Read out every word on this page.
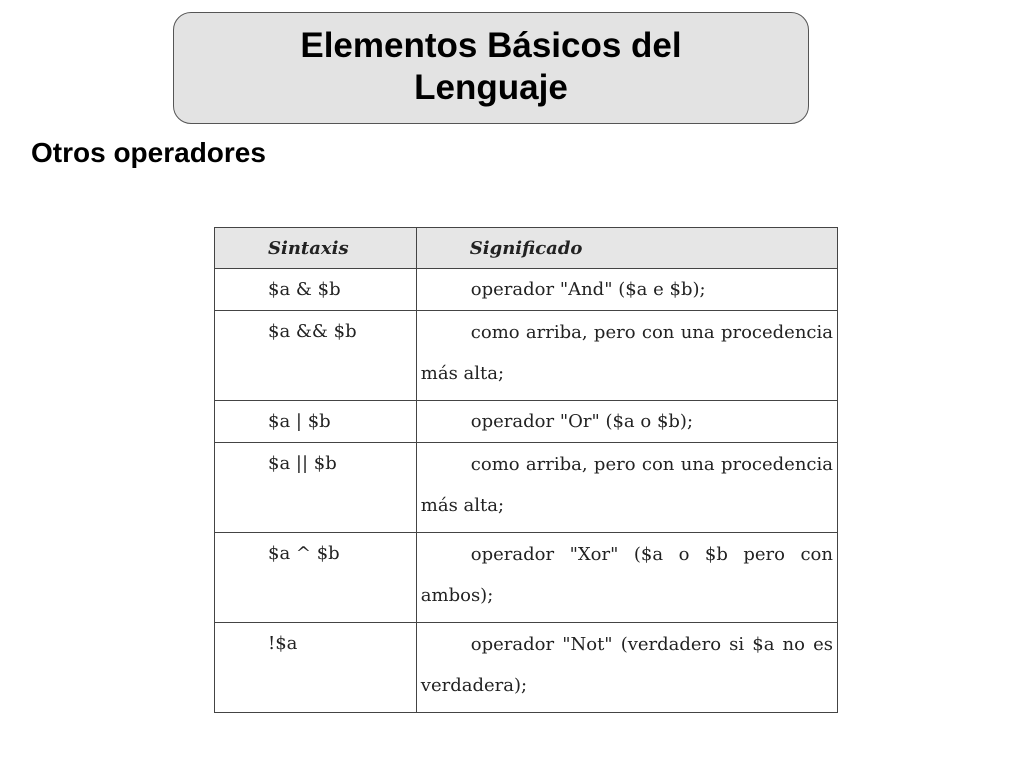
Elementos Básicos del Lenguaje
Otros operadores
Sintaxis	Significado

$a & $b	operador "And" ($a e $b);

$a && $b	como arriba, pero con una procedencia más alta;

$a | $b	operador "Or" ($a o $b);

$a || $b	como arriba, pero con una procedencia más alta;

$a ^ $b	operador "Xor" ($a o $b pero con ambos);

!$a	operador "Not" (verdadero si $a no es verdadera);
